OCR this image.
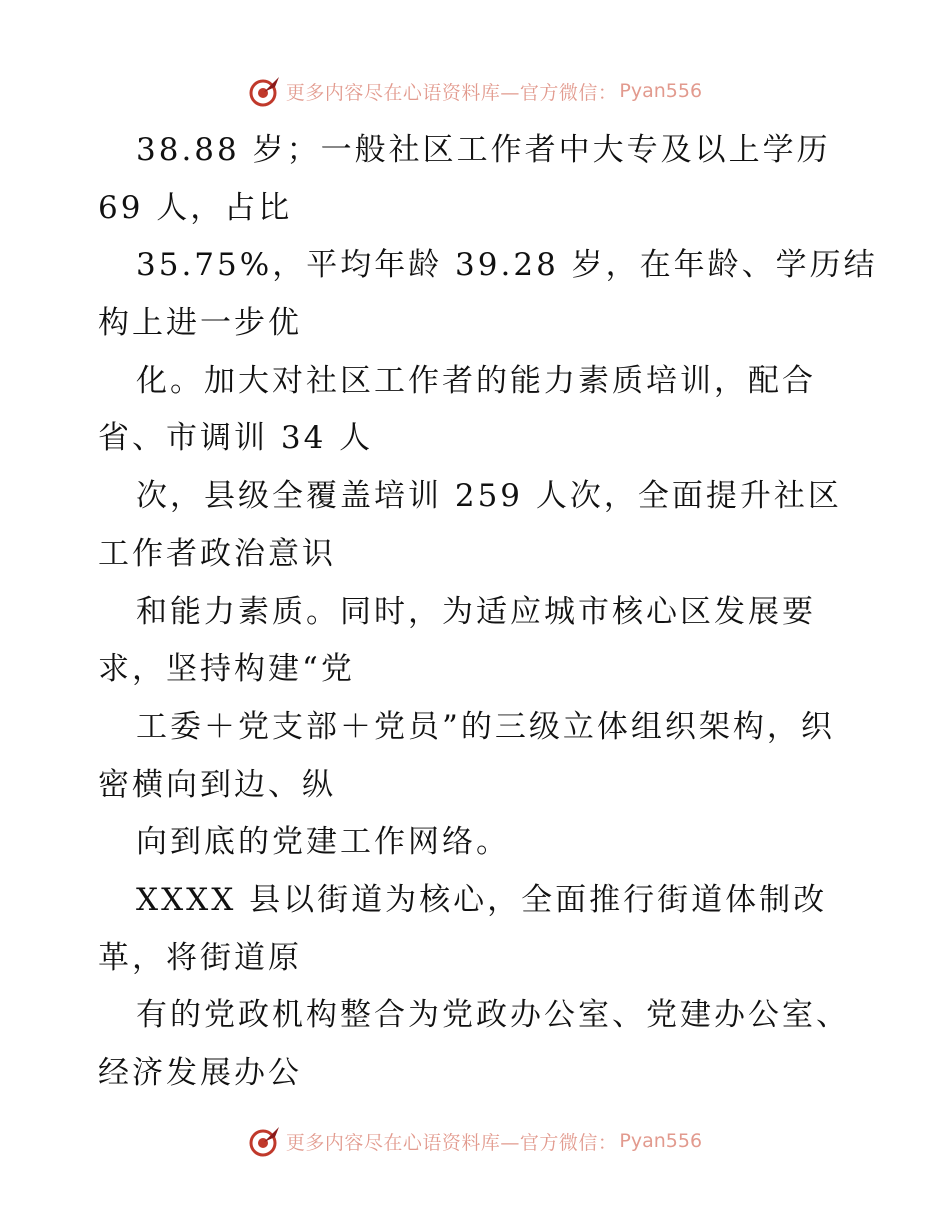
更多内容尽在心语资料库—官方微信： Pyan556
38.88 岁；一般社区工作者中大专及以上学历
69 人，占比
35.75%，平均年龄 39.28 岁，在年龄、学历结
构上进一步优
化。加大对社区工作者的能力素质培训，配合
省、市调训 34 人
次，县级全覆盖培训 259 人次，全面提升社区
工作者政治意识
和能力素质。同时，为适应城市核心区发展要
求，坚持构建“党
工委＋党支部＋党员”的三级立体组织架构，织
密横向到边、纵
向到底的党建工作网络。
XXXX 县以街道为核心，全面推行街道体制改
革，将街道原
有的党政机构整合为党政办公室、党建办公室、
经济发展办公
更多内容尽在心语资料库—官方微信： Pyan556
